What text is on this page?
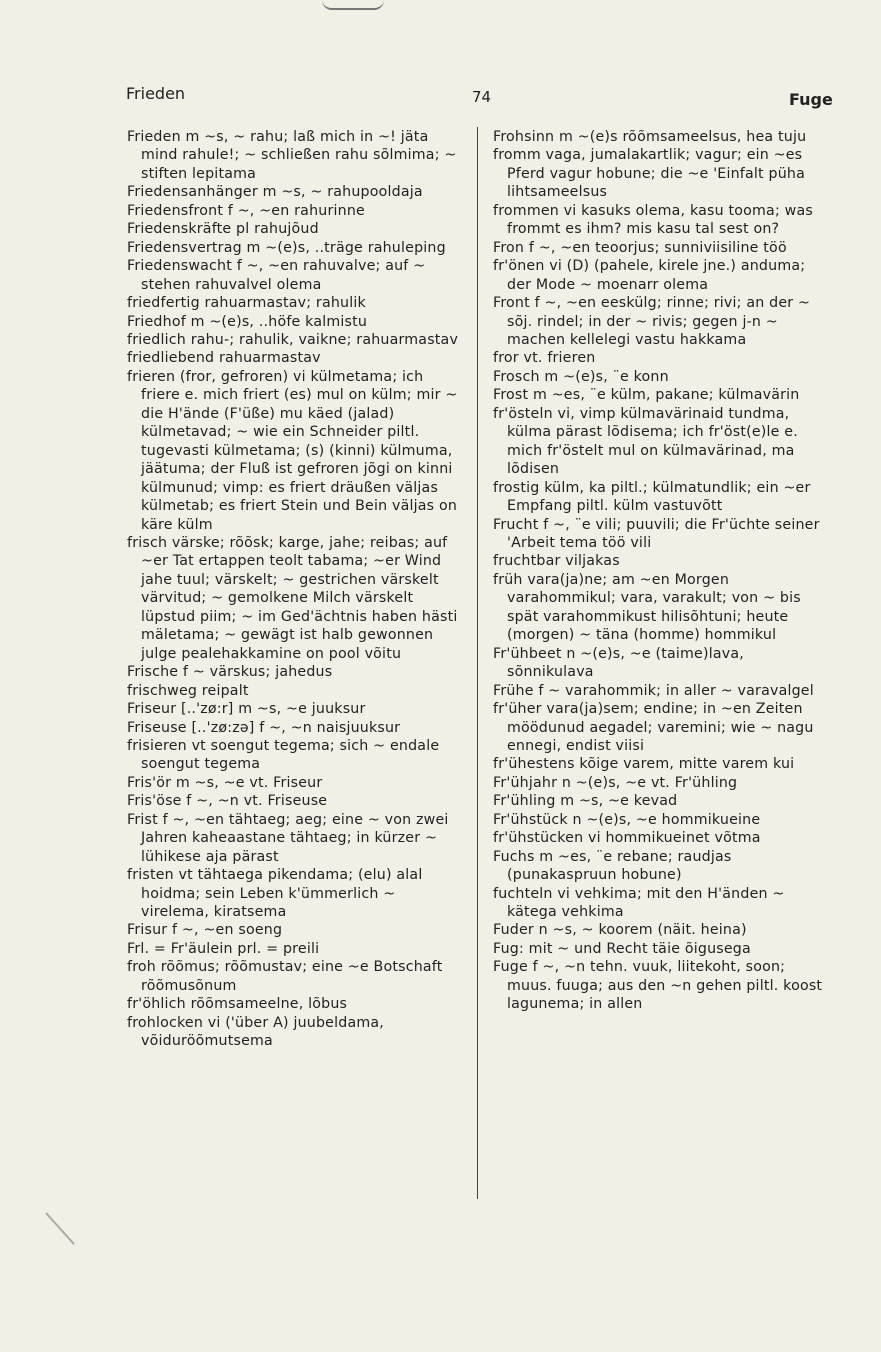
Frieden	74	Fuge

Frieden m ~s, ~ rahu; laß mich in ~! jäta mind rahule!; ~ schließen rahu sõlmima; ~ stiften lepitama

Friedensanhänger m ~s, ~ rahupooldaja

Friedensfront f ~, ~en rahurinne

Friedenskräfte pl rahujõud

Friedensvertrag m ~(e)s, ..träge rahuleping

Friedenswacht f ~, ~en rahuvalve; auf ~ stehen rahuvalvel olema

friedfertig rahuarmastav; rahulik

Friedhof m ~(e)s, ..höfe kalmistu

friedlich rahu-; rahulik, vaikne; rahuarmastav

friedliebend rahuarmastav

frieren (fror, gefroren) vi külmetama; ich friere e. mich friert (es) mul on külm; mir ~ die H'ände (F'üße) mu käed (jalad) külmetavad; ~ wie ein Schneider piltl. tugevasti külmetama; (s) (kinni) külmuma, jäätuma; der Fluß ist gefroren jõgi on kinni külmunud; vimp: es friert dräußen väljas külmetab; es friert Stein und Bein väljas on käre külm

frisch värske; rõõsk; karge, jahe; reibas; auf ~er Tat ertappen teolt tabama; ~er Wind jahe tuul; värskelt; ~ gestrichen värskelt värvitud; ~ gemolkene Milch värskelt lüpstud piim; ~ im Ged'ächtnis haben hästi mäletama; ~ gewägt ist halb gewonnen julge pealehakkamine on pool võitu

Frische f ~ värskus; jahedus

frischweg reipalt

Friseur [..'zø:r] m ~s, ~e juuksur

Friseuse [..'zø:zə] f ~, ~n naisjuuksur

frisieren vt soengut tegema; sich ~ endale soengut tegema

Fris'ör m ~s, ~e vt. Friseur

Fris'öse f ~, ~n vt. Friseuse

Frist f ~, ~en tähtaeg; aeg; eine ~ von zwei Jahren kaheaastane tähtaeg; in kürzer ~ lühikese aja pärast

fristen vt tähtaega pikendama; (elu) alal hoidma; sein Leben k'ümmerlich ~ virelema, kiratsema

Frisur f ~, ~en soeng

Frl. = Fr'äulein prl. = preili

froh rõõmus; rõõmustav; eine ~e Botschaft rõõmusõnum

fr'öhlich rõõmsameelne, lõbus

frohlocken vi ('über A) juubeldama, võiduröõmutsema

Frohsinn m ~(e)s rõõmsameelsus, hea tuju

fromm vaga, jumalakartlik; vagur; ein ~es Pferd vagur hobune; die ~e 'Einfalt püha lihtsameelsus

frommen vi kasuks olema, kasu tooma; was frommt es ihm? mis kasu tal sest on?

Fron f ~, ~en teoorjus; sunniviisiline töö

fr'önen vi (D) (pahele, kirele jne.) anduma; der Mode ~ moenarr olema

Front f ~, ~en eeskülg; rinne; rivi; an der ~ sõj. rindel; in der ~ rivis; gegen j-n ~ machen kellelegi vastu hakkama

fror vt. frieren

Frosch m ~(e)s, ¨e konn

Frost m ~es, ¨e külm, pakane; külmavärin

fr'östeln vi, vimp külmavärinaid tundma, külma pärast lõdisema; ich fr'öst(e)le e. mich fr'östelt mul on külmavärinad, ma lõdisen

frostig külm, ka piltl.; külmatundlik; ein ~er Empfang piltl. külm vastuvõtt

Frucht f ~, ¨e vili; puuvili; die Fr'üchte seiner 'Arbeit tema töö vili

fruchtbar viljakas

früh vara(ja)ne; am ~en Morgen varahommikul; vara, varakult; von ~ bis spät varahommikust hilisõhtuni; heute (morgen) ~ täna (homme) hommikul

Fr'ühbeet n ~(e)s, ~e (taime)lava, sõnnikulava

Frühe f ~ varahommik; in aller ~ varavalgel

fr'üher vara(ja)sem; endine; in ~en Zeiten möödunud aegadel; varemini; wie ~ nagu ennegi, endist viisi

fr'ühestens kõige varem, mitte varem kui

Fr'ühjahr n ~(e)s, ~e vt. Fr'ühling

Fr'ühling m ~s, ~e kevad

Fr'ühstück n ~(e)s, ~e hommikueine

fr'ühstücken vi hommikueinet võtma

Fuchs m ~es, ¨e rebane; raudjas (punakaspruun hobune)

fuchteln vi vehkima; mit den H'änden ~ kätega vehkima

Fuder n ~s, ~ koorem (näit. heina)

Fug: mit ~ und Recht täie õigusega

Fuge f ~, ~n tehn. vuuk, liitekoht, soon; muus. fuuga; aus den ~n gehen piltl. koost lagunema; in allen
